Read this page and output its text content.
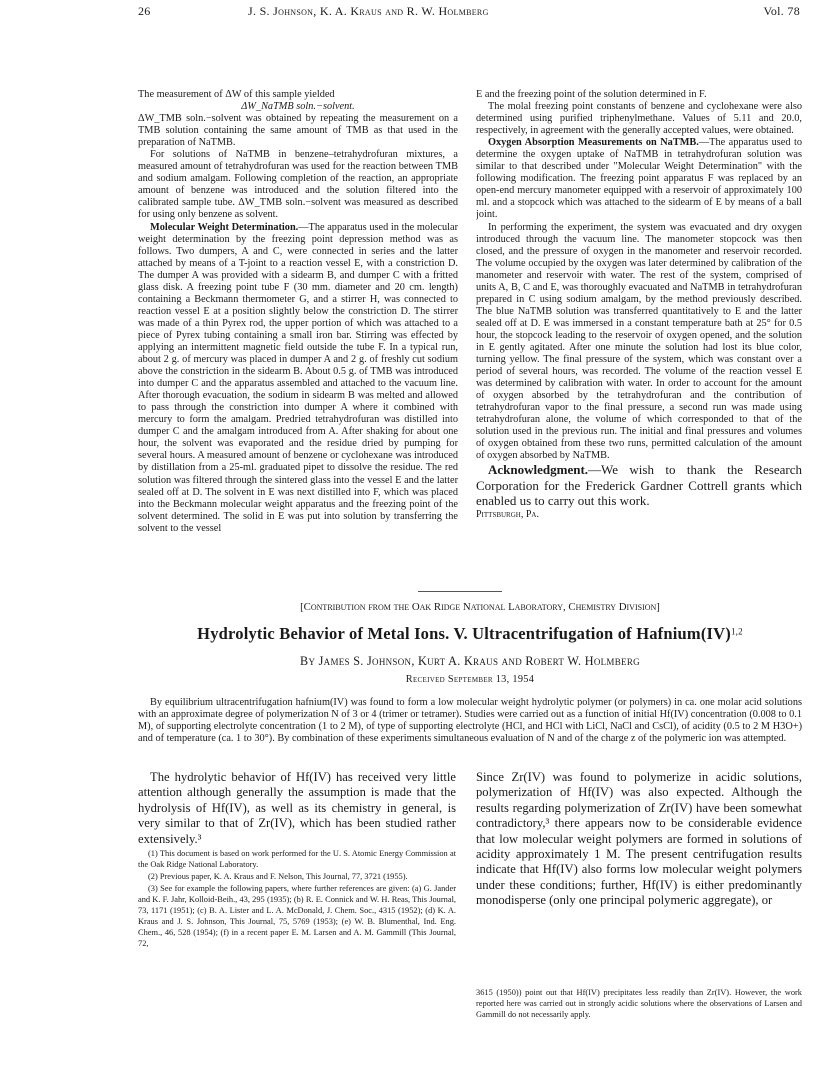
26	J. S. Johnson, K. A. Kraus and R. W. Holmberg	Vol. 78

The measurement of ΔW of this sample yielded

ΔW_NaTMB soln.−solvent.

ΔW_TMB soln.−solvent was obtained by repeating the measurement on a TMB solution containing the same amount of TMB as that used in the preparation of NaTMB.

For solutions of NaTMB in benzene–tetrahydrofuran mixtures, a measured amount of tetrahydrofuran was used for the reaction between TMB and sodium amalgam. Following completion of the reaction, an appropriate amount of benzene was introduced and the solution filtered into the calibrated sample tube. ΔW_TMB soln.−solvent was measured as described for using only benzene as solvent.

Molecular Weight Determination.—The apparatus used in the molecular weight determination by the freezing point depression method was as follows. Two dumpers, A and C, were connected in series and the latter attached by means of a T-joint to a reaction vessel E, with a constriction D. The dumper A was provided with a sidearm B, and dumper C with a fritted glass disk. A freezing point tube F (30 mm. diameter and 20 cm. length) containing a Beckmann thermometer G, and a stirrer H, was connected to reaction vessel E at a position slightly below the constriction D. The stirrer was made of a thin Pyrex rod, the upper portion of which was attached to a piece of Pyrex tubing containing a small iron bar. Stirring was effected by applying an intermittent magnetic field outside the tube F. In a typical run, about 2 g. of mercury was placed in dumper A and 2 g. of freshly cut sodium above the constriction in the sidearm B. About 0.5 g. of TMB was introduced into dumper C and the apparatus assembled and attached to the vacuum line. After thorough evacuation, the sodium in sidearm B was melted and allowed to pass through the constriction into dumper A where it combined with mercury to form the amalgam. Predried tetrahydrofuran was distilled into dumper C and the amalgam introduced from A. After shaking for about one hour, the solvent was evaporated and the residue dried by pumping for several hours. A measured amount of benzene or cyclohexane was introduced by distillation from a 25-ml. graduated pipet to dissolve the residue. The red solution was filtered through the sintered glass into the vessel E and the latter sealed off at D. The solvent in E was next distilled into F, which was placed into the Beckmann molecular weight apparatus and the freezing point of the solvent determined. The solid in E was put into solution by transferring the solvent to the vessel

E and the freezing point of the solution determined in F.

The molal freezing point constants of benzene and cyclohexane were also determined using purified triphenylmethane. Values of 5.11 and 20.0, respectively, in agreement with the generally accepted values, were obtained.

Oxygen Absorption Measurements on NaTMB.—The apparatus used to determine the oxygen uptake of NaTMB in tetrahydrofuran solution was similar to that described under "Molecular Weight Determination" with the following modification. The freezing point apparatus F was replaced by an open-end mercury manometer equipped with a reservoir of approximately 100 ml. and a stopcock which was attached to the sidearm of E by means of a ball joint.

In performing the experiment, the system was evacuated and dry oxygen introduced through the vacuum line. The manometer stopcock was then closed, and the pressure of oxygen in the manometer and reservoir recorded. The volume occupied by the oxygen was later determined by calibration of the manometer and reservoir with water. The rest of the system, comprised of units A, B, C and E, was thoroughly evacuated and NaTMB in tetrahydrofuran prepared in C using sodium amalgam, by the method previously described. The blue NaTMB solution was transferred quantitatively to E and the latter sealed off at D. E was immersed in a constant temperature bath at 25° for 0.5 hour, the stopcock leading to the reservoir of oxygen opened, and the solution in E gently agitated. After one minute the solution had lost its blue color, turning yellow. The final pressure of the system, which was constant over a period of several hours, was recorded. The volume of the reaction vessel E was determined by calibration with water. In order to account for the amount of oxygen absorbed by the tetrahydrofuran and the contribution of tetrahydrofuran vapor to the final pressure, a second run was made using tetrahydrofuran alone, the volume of which corresponded to that of the solution used in the previous run. The initial and final pressures and volumes of oxygen obtained from these two runs, permitted calculation of the amount of oxygen absorbed by NaTMB.

Acknowledgment.—We wish to thank the Research Corporation for the Frederick Gardner Cottrell grants which enabled us to carry out this work.

Pittsburgh, Pa.

[Contribution from the Oak Ridge National Laboratory, Chemistry Division]
Hydrolytic Behavior of Metal Ions. V. Ultracentrifugation of Hafnium(IV)$^{1,2}$
By James S. Johnson, Kurt A. Kraus and Robert W. Holmberg
Received September 13, 1954
By equilibrium ultracentrifugation hafnium(IV) was found to form a low molecular weight hydrolytic polymer (or polymers) in ca. one molar acid solutions with an approximate degree of polymerization N of 3 or 4 (trimer or tetramer). Studies were carried out as a function of initial Hf(IV) concentration (0.008 to 0.1 M), of supporting electrolyte concentration (1 to 2 M), of type of supporting electrolyte (HCl, and HCl with LiCl, NaCl and CsCl), of acidity (0.5 to 2 M H3O+) and of temperature (ca. 1 to 30°). By combination of these experiments simultaneous evaluation of N and of the charge z of the polymeric ion was attempted.

The hydrolytic behavior of Hf(IV) has received very little attention although generally the assumption is made that the hydrolysis of Hf(IV), as well as its chemistry in general, is very similar to that of Zr(IV), which has been studied rather extensively.³

(1) This document is based on work performed for the U. S. Atomic Energy Commission at the Oak Ridge National Laboratory.

(2) Previous paper, K. A. Kraus and F. Nelson, This Journal, 77, 3721 (1955).

(3) See for example the following papers, where further references are given: (a) G. Jander and K. F. Jahr, Kolloid-Beih., 43, 295 (1935); (b) R. E. Connick and W. H. Reas, This Journal, 73, 1171 (1951); (c) B. A. Lister and L. A. McDonald, J. Chem. Soc., 4315 (1952); (d) K. A. Kraus and J. S. Johnson, This Journal, 75, 5769 (1953); (e) W. B. Blumenthal, Ind. Eng. Chem., 46, 528 (1954); (f) in a recent paper E. M. Larsen and A. M. Gammill (This Journal, 72,

Since Zr(IV) was found to polymerize in acidic solutions, polymerization of Hf(IV) was also expected. Although the results regarding polymerization of Zr(IV) have been somewhat contradictory,³ there appears now to be considerable evidence that low molecular weight polymers are formed in solutions of acidity approximately 1 M. The present centrifugation results indicate that Hf(IV) also forms low molecular weight polymers under these conditions; further, Hf(IV) is either predominantly monodisperse (only one principal polymeric aggregate), or
3615 (1950)) point out that Hf(IV) precipitates less readily than Zr(IV). However, the work reported here was carried out in strongly acidic solutions where the observations of Larsen and Gammill do not necessarily apply.
